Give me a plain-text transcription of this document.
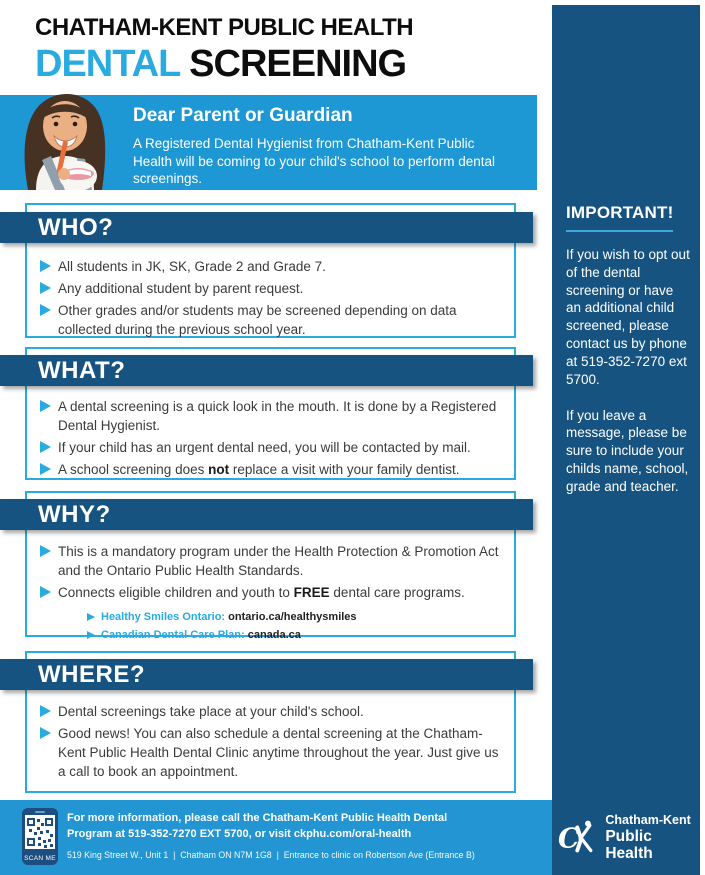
IMPORTANT!
If you wish to opt out of the dental screening or have an additional child screened, please contact us by phone at 519-352-7270 ext 5700.
If you leave a message, please be sure to include your childs name, school, grade and teacher.
C
Chatham-Kent
Public Health
CHATHAM-KENT PUBLIC HEALTH
DENTAL SCREENING
Dear Parent or Guardian
A Registered Dental Hygienist from Chatham-Kent Public Health will be coming to your child's school to perform dental screenings.
All students in JK, SK, Grade 2 and Grade 7.
Any additional student by parent request.
Other grades and/or students may be screened depending on data collected during the previous school year.
WHO?
A dental screening is a quick look in the mouth. It is done by a Registered Dental Hygienist.
If your child has an urgent dental need, you will be contacted by mail.
A school screening does not replace a visit with your family dentist.
WHAT?
This is a mandatory program under the Health Protection & Promotion Act and the Ontario Public Health Standards.
Connects eligible children and youth to FREE dental care programs.
Healthy Smiles Ontario: ontario.ca/healthysmiles
Canadian Dental Care Plan: canada.ca
WHY?
Dental screenings take place at your child's school.
Good news! You can also schedule a dental screening at the Chatham-Kent Public Health Dental Clinic anytime throughout the year. Just give us a call to book an appointment.
WHERE?
SCAN ME
For more information, please call the Chatham-Kent Public Health Dental
Program at 519-352-7270 EXT 5700, or visit ckphu.com/oral-health
519 King Street W., Unit 1  |  Chatham ON N7M 1G8  |  Entrance to clinic on Robertson Ave (Entrance B)
